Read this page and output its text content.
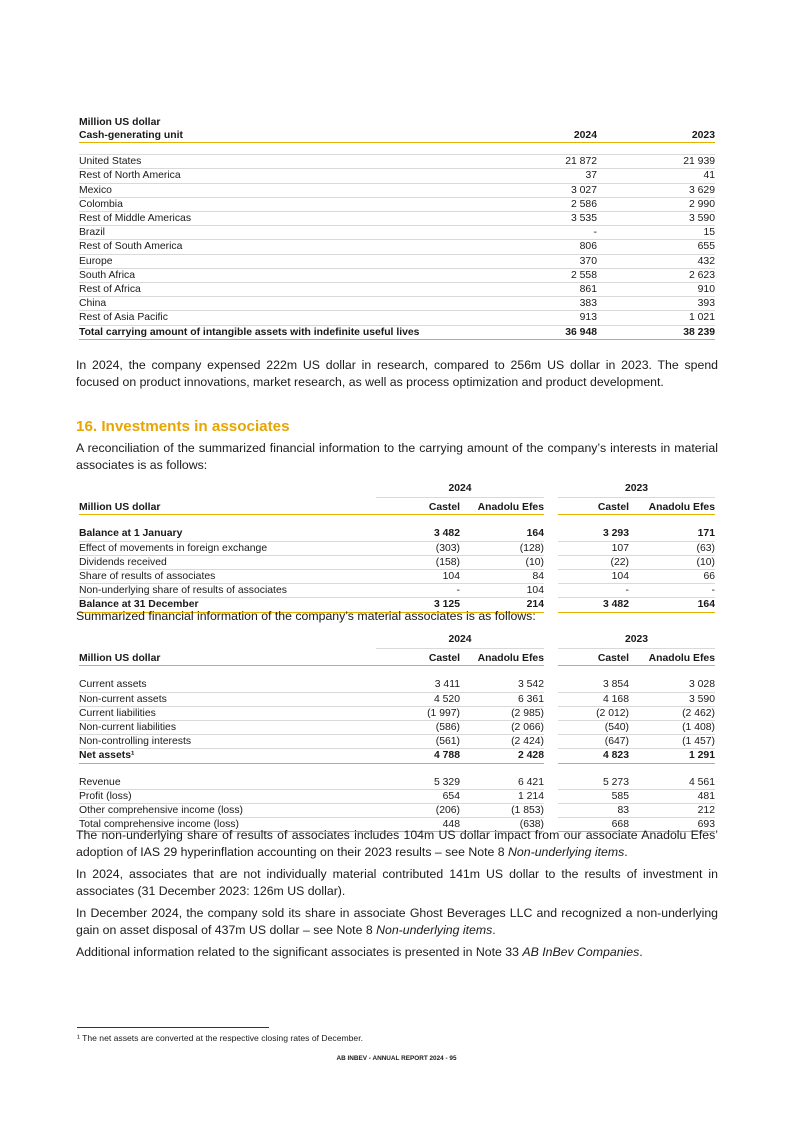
Million US dollar
Cash-generating unit	2024	2023

United States	21 872	21 939
Rest of North America	37	41
Mexico	3 027	3 629
Colombia	2 586	2 990
Rest of Middle Americas	3 535	3 590
Brazil	-	15
Rest of South America	806	655
Europe	370	432
South Africa	2 558	2 623
Rest of Africa	861	910
China	383	393
Rest of Asia Pacific	913	1 021
Total carrying amount of intangible assets with indefinite useful lives	36 948	38 239

In 2024, the company expensed 222m US dollar in research, compared to 256m US dollar in 2023. The spend focused on product innovations, market research, as well as process optimization and product development.

16. Investments in associates

A reconciliation of the summarized financial information to the carrying amount of the company’s interests in material associates is as follows:

	2024			2023	
Million US dollar	Castel	Anadolu Efes		Castel	Anadolu Efes

Balance at 1 January	3 482	164		3 293	171
Effect of movements in foreign exchange	(303)	(128)		107	(63)
Dividends received	(158)	(10)		(22)	(10)
Share of results of associates	104	84		104	66
Non-underlying share of results of associates	-	104		-	-
Balance at 31 December	3 125	214		3 482	164

Summarized financial information of the company’s material associates is as follows:

	2024			2023	
Million US dollar	Castel	Anadolu Efes		Castel	Anadolu Efes

Current assets	3 411	3 542		3 854	3 028
Non-current assets	4 520	6 361		4 168	3 590
Current liabilities	(1 997)	(2 985)		(2 012)	(2 462)
Non-current liabilities	(586)	(2 066)		(540)	(1 408)
Non-controlling interests	(561)	(2 424)		(647)	(1 457)
Net assets¹	4 788	2 428		4 823	1 291

Revenue	5 329	6 421		5 273	4 561
Profit (loss)	654	1 214		585	481
Other comprehensive income (loss)	(206)	(1 853)		83	212
Total comprehensive income (loss)	448	(638)		668	693

The non-underlying share of results of associates includes 104m US dollar impact from our associate Anadolu Efes’ adoption of IAS 29 hyperinflation accounting on their 2023 results – see Note 8 Non-underlying items.

In 2024, associates that are not individually material contributed 141m US dollar to the results of investment in associates (31 December 2023: 126m US dollar).

In December 2024, the company sold its share in associate Ghost Beverages LLC and recognized a non-underlying gain on asset disposal of 437m US dollar – see Note 8 Non-underlying items.

Additional information related to the significant associates is presented in Note 33 AB InBev Companies.

¹ The net assets are converted at the respective closing rates of December.
AB INBEV - ANNUAL REPORT 2024 - 95
